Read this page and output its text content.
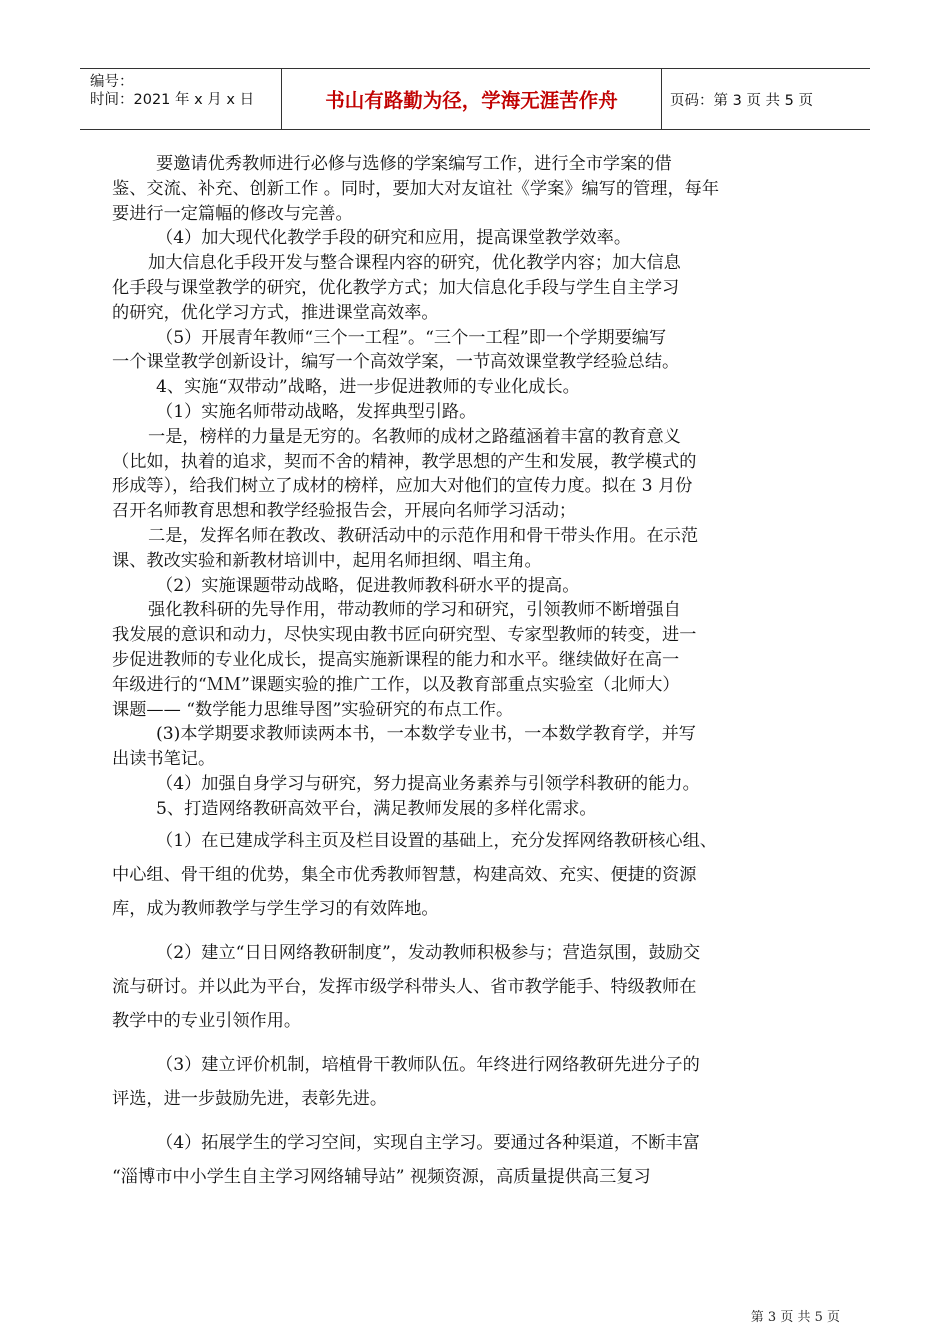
编号：
时间：2021 年 x 月 x 日	书山有路勤为径，学海无涯苦作舟	页码：第 3 页 共 5 页

要邀请优秀教师进行必修与选修的学案编写工作，进行全市学案的借

鉴、交流、补充、创新工作 。同时，要加大对友谊社《学案》编写的管理，每年

要进行一定篇幅的修改与完善。

（4）加大现代化教学手段的研究和应用，提高课堂教学效率。

加大信息化手段开发与整合课程内容的研究，优化教学内容；加大信息

化手段与课堂教学的研究，优化教学方式；加大信息化手段与学生自主学习

的研究，优化学习方式，推进课堂高效率。

（5）开展青年教师“三个一工程”。“三个一工程”即一个学期要编写

一个课堂教学创新设计，编写一个高效学案，一节高效课堂教学经验总结。

4、实施“双带动”战略，进一步促进教师的专业化成长。

（1）实施名师带动战略，发挥典型引路。

一是，榜样的力量是无穷的。名教师的成材之路蕴涵着丰富的教育意义

（比如，执着的追求，契而不舍的精神，教学思想的产生和发展，教学模式的

形成等），给我们树立了成材的榜样，应加大对他们的宣传力度。拟在 3 月份

召开名师教育思想和教学经验报告会，开展向名师学习活动；

二是，发挥名师在教改、教研活动中的示范作用和骨干带头作用。在示范

课、教改实验和新教材培训中，起用名师担纲、唱主角。

（2）实施课题带动战略，促进教师教科研水平的提高。

强化教科研的先导作用，带动教师的学习和研究，引领教师不断增强自

我发展的意识和动力，尽快实现由教书匠向研究型、专家型教师的转变，进一

步促进教师的专业化成长，提高实施新课程的能力和水平。继续做好在高一

年级进行的“ＭＭ”课题实验的推广工作，以及教育部重点实验室（北师大）

课题—— “数学能力思维导图”实验研究的布点工作。

(3)本学期要求教师读两本书，一本数学专业书，一本数学教育学，并写

出读书笔记。

（4）加强自身学习与研究，努力提高业务素养与引领学科教研的能力。

5、打造网络教研高效平台，满足教师发展的多样化需求。

（1）在已建成学科主页及栏目设置的基础上，充分发挥网络教研核心组、

中心组、骨干组的优势，集全市优秀教师智慧，构建高效、充实、便捷的资源

库，成为教师教学与学生学习的有效阵地。

（2）建立“日日网络教研制度”，发动教师积极参与；营造氛围，鼓励交

流与研讨。并以此为平台，发挥市级学科带头人、省市教学能手、特级教师在

教学中的专业引领作用。

（3）建立评价机制，培植骨干教师队伍。年终进行网络教研先进分子的

评选，进一步鼓励先进，表彰先进。

（4）拓展学生的学习空间，实现自主学习。要通过各种渠道，不断丰富

“淄博市中小学生自主学习网络辅导站” 视频资源，高质量提供高三复习

第 3 页 共 5 页
